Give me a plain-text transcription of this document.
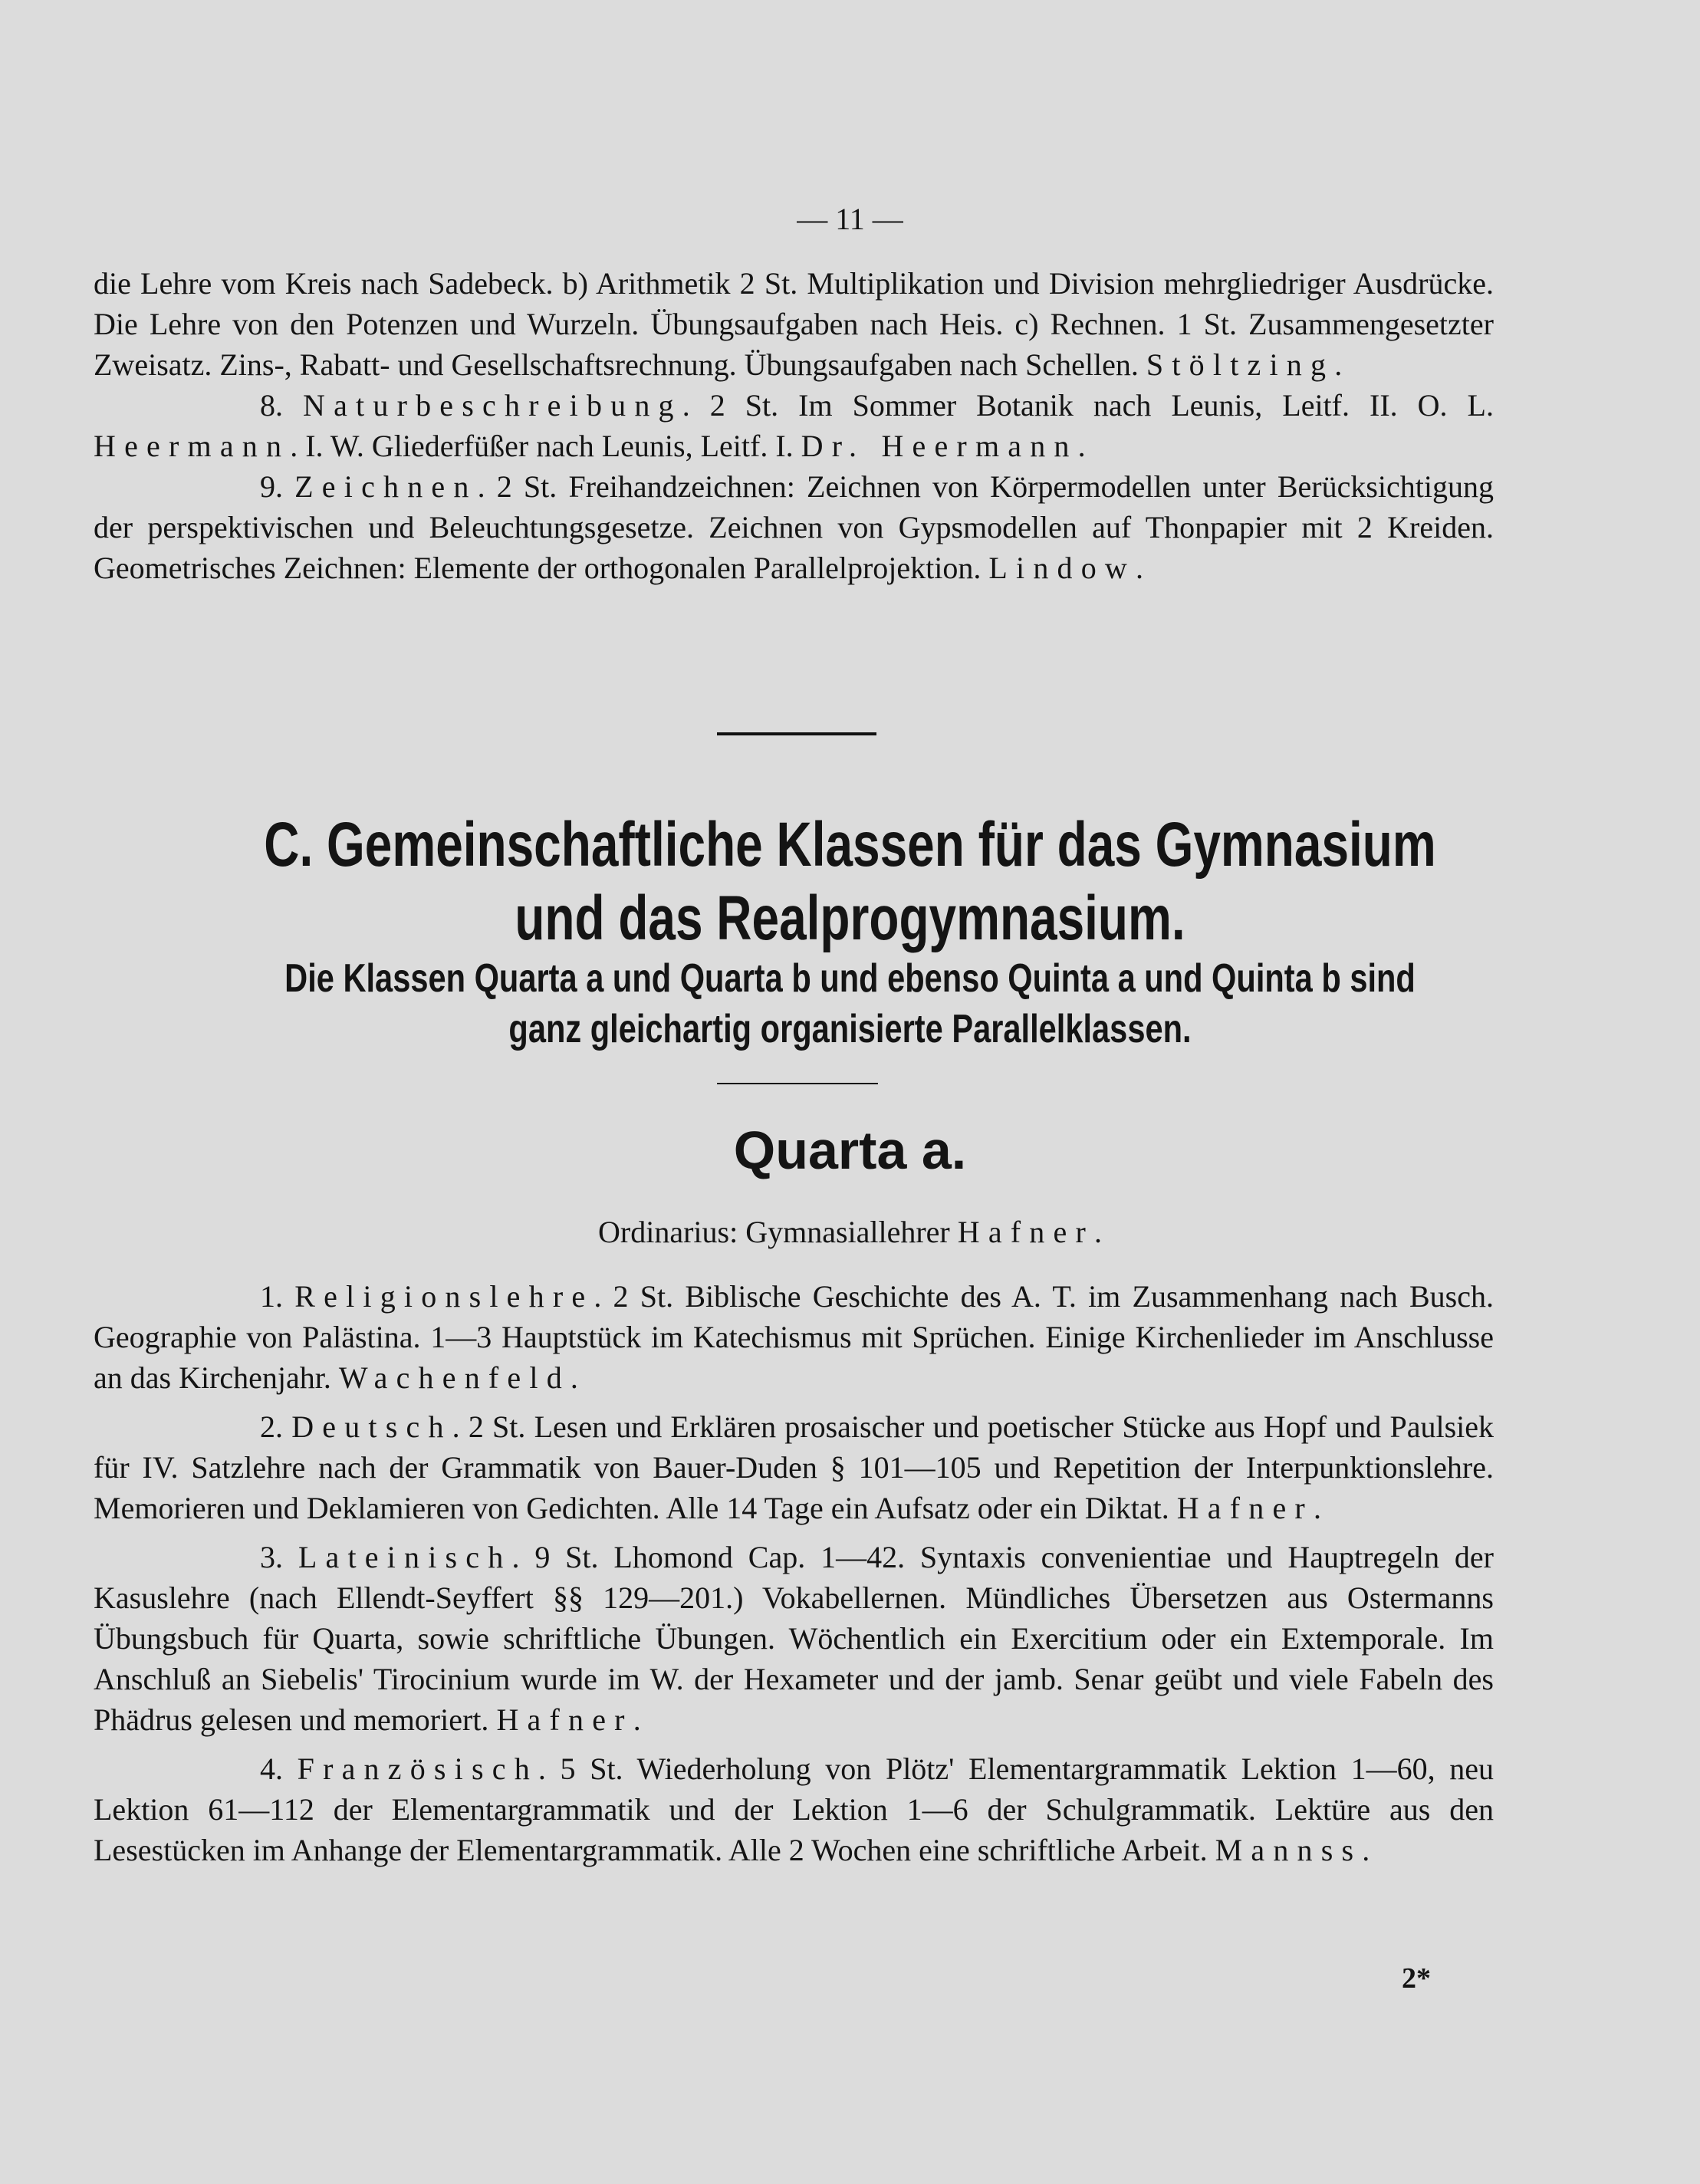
— 11 —

die Lehre vom Kreis nach Sadebeck. b) Arithmetik 2 St. Multiplikation und Division mehrgliedriger Ausdrücke. Die Lehre von den Potenzen und Wurzeln. Übungsaufgaben nach Heis. c) Rechnen. 1 St. Zusammengesetzter Zweisatz. Zins-, Rabatt- und Gesellschaftsrechnung. Übungsaufgaben nach Schellen. Stöltzing.

8. Naturbeschreibung. 2 St. Im Sommer Botanik nach Leunis, Leitf. II. O. L. Heermann. I. W. Gliederfüßer nach Leunis, Leitf. I. Dr. Heermann.

9. Zeichnen. 2 St. Freihandzeichnen: Zeichnen von Körpermodellen unter Berücksichtigung der perspektivischen und Beleuchtungsgesetze. Zeichnen von Gypsmodellen auf Thonpapier mit 2 Kreiden. Geometrisches Zeichnen: Elemente der orthogonalen Parallelprojektion. Lindow.

C. Gemeinschaftliche Klassen für das Gymnasium
und das Realprogymnasium.
Die Klassen Quarta a und Quarta b und ebenso Quinta a und Quinta b sind
ganz gleichartig organisierte Parallelklassen.
Quarta a.
Ordinarius: Gymnasiallehrer Hafner.

1. Religionslehre. 2 St. Biblische Geschichte des A. T. im Zusammenhang nach Busch. Geographie von Palästina. 1—3 Hauptstück im Katechismus mit Sprüchen. Einige Kirchenlieder im Anschlusse an das Kirchenjahr. Wachenfeld.

2. Deutsch. 2 St. Lesen und Erklären prosaischer und poetischer Stücke aus Hopf und Paulsiek für IV. Satzlehre nach der Grammatik von Bauer-Duden § 101—105 und Repetition der Interpunktionslehre. Memorieren und Deklamieren von Gedichten. Alle 14 Tage ein Aufsatz oder ein Diktat. Hafner.

3. Lateinisch. 9 St. Lhomond Cap. 1—42. Syntaxis convenientiae und Hauptregeln der Kasuslehre (nach Ellendt-Seyffert §§ 129—201.) Vokabellernen. Mündliches Übersetzen aus Ostermanns Übungsbuch für Quarta, sowie schriftliche Übungen. Wöchentlich ein Exercitium oder ein Extemporale. Im Anschluß an Siebelis' Tirocinium wurde im W. der Hexameter und der jamb. Senar geübt und viele Fabeln des Phädrus gelesen und memoriert. Hafner.

4. Französisch. 5 St. Wiederholung von Plötz' Elementargrammatik Lektion 1—60, neu Lektion 61—112 der Elementargrammatik und der Lektion 1—6 der Schulgrammatik. Lektüre aus den Lesestücken im Anhange der Elementargrammatik. Alle 2 Wochen eine schriftliche Arbeit. Mannss.

2*
